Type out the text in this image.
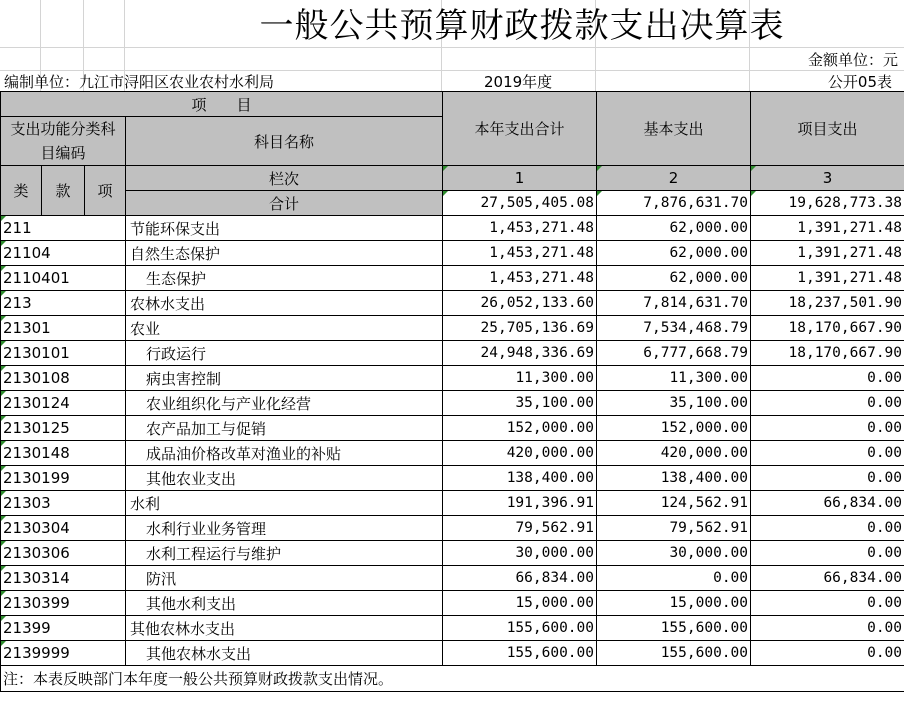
一般公共预算财政拨款支出决算表
金额单位：元
编制单位：九江市浔阳区农业农村水利局	2019年度	公开05表
项　　目				本年支出合计	基本支出	项目支出
支出功能分类科目编码			科目名称			

类	款	项	栏次	1	2	3
			合计	27,505,405.08	7,876,631.70	19,628,773.38
211			节能环保支出	1,453,271.48	62,000.00	1,391,271.48
21104			自然生态保护	1,453,271.48	62,000.00	1,391,271.48
2110401			生态保护	1,453,271.48	62,000.00	1,391,271.48
213			农林水支出	26,052,133.60	7,814,631.70	18,237,501.90
21301			农业	25,705,136.69	7,534,468.79	18,170,667.90
2130101			行政运行	24,948,336.69	6,777,668.79	18,170,667.90
2130108			病虫害控制	11,300.00	11,300.00	0.00
2130124			农业组织化与产业化经营	35,100.00	35,100.00	0.00
2130125			农产品加工与促销	152,000.00	152,000.00	0.00
2130148			成品油价格改革对渔业的补贴	420,000.00	420,000.00	0.00
2130199			其他农业支出	138,400.00	138,400.00	0.00
21303			水利	191,396.91	124,562.91	66,834.00
2130304			水利行业业务管理	79,562.91	79,562.91	0.00
2130306			水利工程运行与维护	30,000.00	30,000.00	0.00
2130314			防汛	66,834.00	0.00	66,834.00
2130399			其他水利支出	15,000.00	15,000.00	0.00
21399			其他农林水支出	155,600.00	155,600.00	0.00
2139999			其他农林水支出	155,600.00	155,600.00	0.00
注：本表反映部门本年度一般公共预算财政拨款支出情况。						
